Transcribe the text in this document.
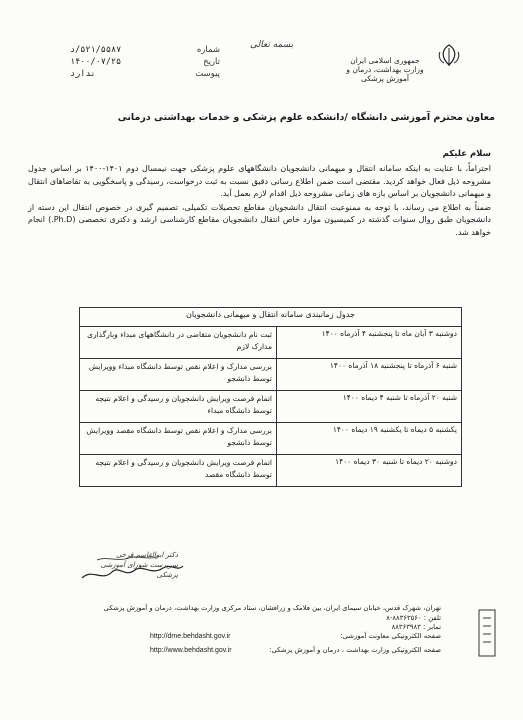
شماره
۵۲۱/۵۵۸۷/د
تاریخ
۱۴۰۰/۰۷/۲۵
پیوست
ندارد
بسمه تعالی
جمهوری اسلامی ایران
وزارت بهداشت، درمان و آموزش پزشکی
معاون محترم آموزشی دانشگاه /دانشکده علوم پزشکی و خدمات بهداشتی درمانی
سلام علیکم

احتراماً، با عنایت به اینکه سامانه انتقال و میهمانی دانشجویان دانشگاههای علوم پزشکی جهت نیمسال دوم ۱۴۰۱-۱۴۰۰ بر اساس جدول مشروحه ذیل فعال خواهد کردید. مقتضی است ضمن اطلاع رسانی دقیق نسبت به ثبت درخواست، رسیدگی و پاسخگویی به تقاضاهای انتقال و میهمانی دانشجویان بر اساس بازه های زمانی مشروحه ذیل اقدام لازم بعمل آید.

ضمناً به اطلاع می رساند، با توجه به ممنوعیت انتقال دانشجویان مقاطع تحصیلات تکمیلی، تصمیم گیری در خصوص انتقال این دسته از دانشجویان طبق روال سنوات گذشته در کمیسیون موارد خاص انتقال دانشجویان مقاطع کارشناسی ارشد و دکتری تخصصی (Ph.D.) انجام خواهد شد.

جدول زمانبندی سامانه انتقال و میهمانی دانشجویان	
دوشنبه ۳ آبان ماه تا پنجشنبه ۴ آذرماه ۱۴۰۰	ثبت نام دانشجویان متقاضی در دانشگاههای مبداء وبارگذاری مدارک لازم
شنبه ۶ آذرماه تا پنجشنبه ۱۸ آذرماه ۱۴۰۰	بررسی مدارک و اعلام نقص توسط دانشگاه مبداء وویرایش توسط دانشجو
شنبه ۲۰ آذرماه تا شنبه ۴ دیماه ۱۴۰۰	اتمام فرصت ویرایش دانشجویان و رسیدگی و اعلام نتیجه توسط دانشگاه مبداء
یکشنبه ۵ دیماه تا یکشنبه ۱۹ دیماه ۱۴۰۰	بررسی مدارک و اعلام نقص توسط دانشگاه مقصد وویرایش توسط دانشجو
دوشنبه ۲۰ دیماه تا شنبه ۳۰ دیماه ۱۴۰۰	اتمام فرصت ویرایش دانشجویان و رسیدگی و اعلام نتیجه توسط دانشگاه مقصد
دکتر ابوالقاسم فرخی
سرپرست شورای آموزشی پزشکی
تهران، شهرک قدس، خیابان سیمای ایران، بین فلامک و زرافشان، ستاد مرکزی وزارت بهداشت، درمان و آموزش پزشکی
تلفن : ۸۸۳۶۳۵۶۰-۸
نمابر : ۸۸۳۶۳۹۸۳
صفحه الکترونیکی معاونت آموزشی:
صفحه الکترونیکی وزارت بهداشت ، درمان و آموزش پزشکی:
http://dme.behdasht.gov.ir
http://www.behdasht.gov.ir
